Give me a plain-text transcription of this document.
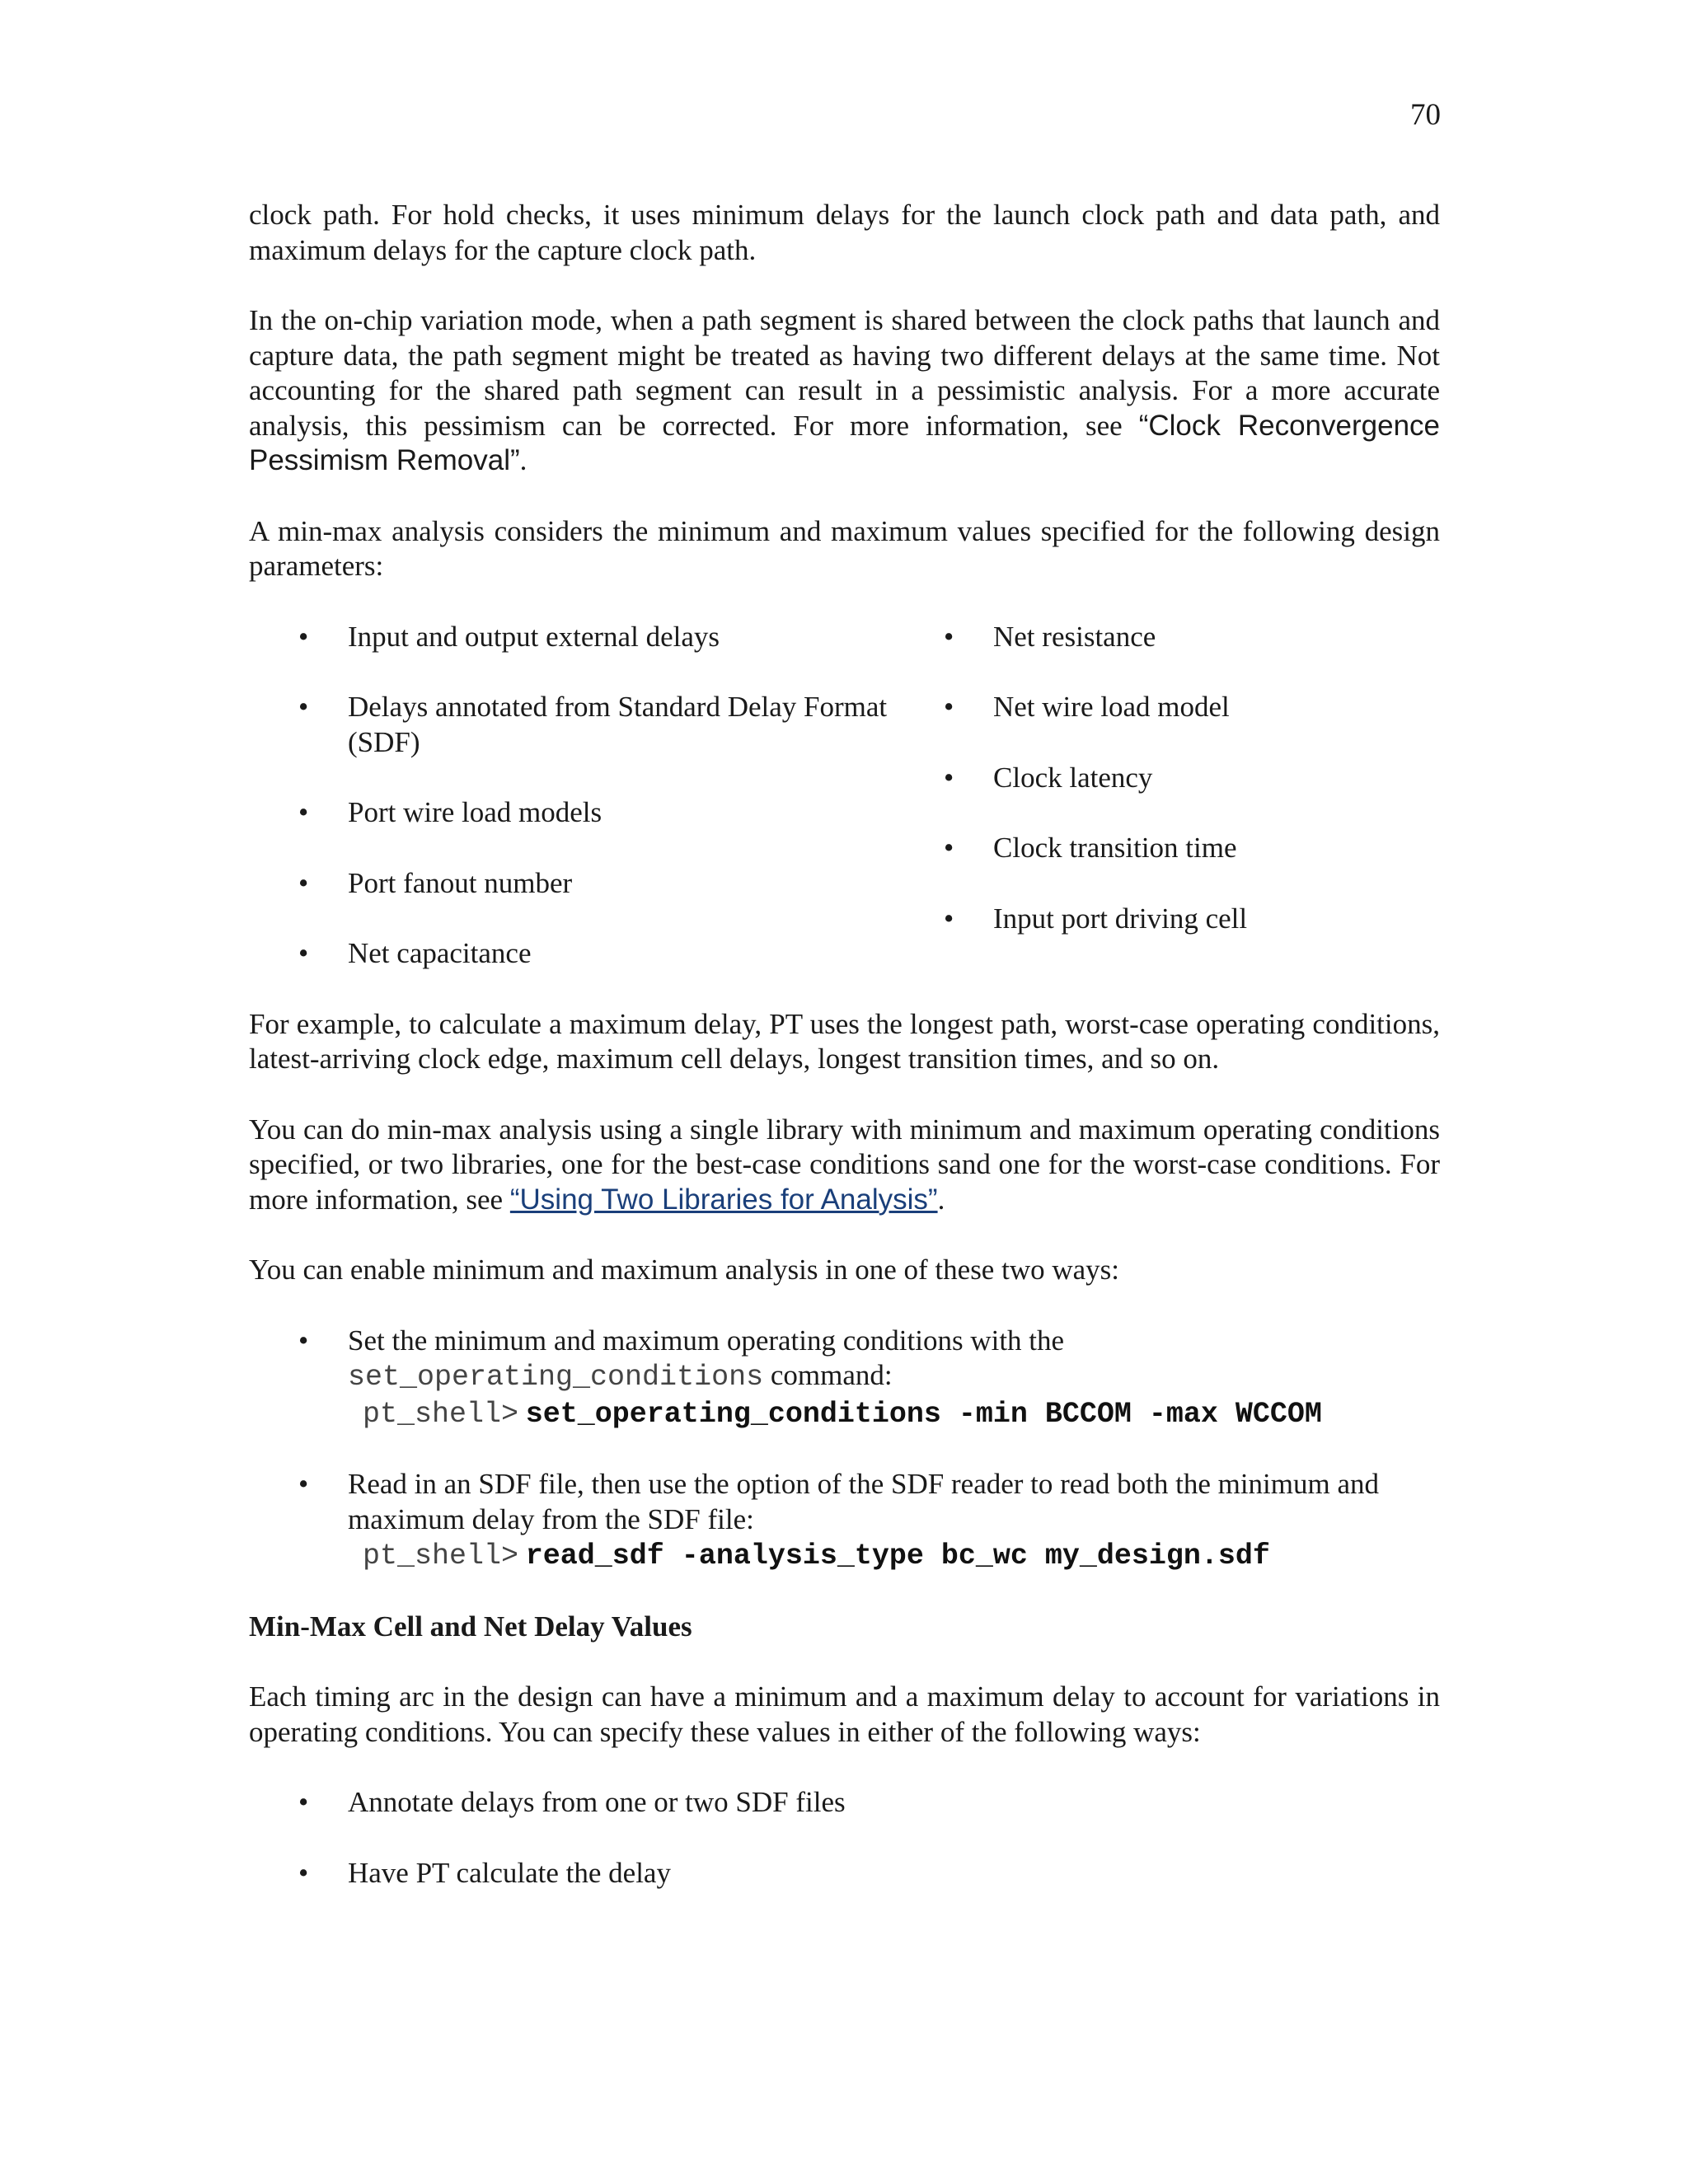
70

clock path. For hold checks, it uses minimum delays for the launch clock path and data path, and maximum delays for the capture clock path.

In the on-chip variation mode, when a path segment is shared between the clock paths that launch and capture data, the path segment might be treated as having two different delays at the same time. Not accounting for the shared path segment can result in a pessimistic analysis. For a more accurate analysis, this pessimism can be corrected. For more information, see “Clock Reconvergence Pessimism Removal”.

A min-max analysis considers the minimum and maximum values specified for the following design parameters:

• Input and output external delays
• Delays annotated from Standard Delay Format (SDF)
• Port wire load models
• Port fanout number
• Net capacitance
• Net resistance
• Net wire load model
• Clock latency
• Clock transition time
• Input port driving cell

For example, to calculate a maximum delay, PT uses the longest path, worst-case operating conditions, latest-arriving clock edge, maximum cell delays, longest transition times, and so on.

You can do min-max analysis using a single library with minimum and maximum operating conditions specified, or two libraries, one for the best-case conditions sand one for the worst-case conditions. For more information, see “Using Two Libraries for Analysis”.

You can enable minimum and maximum analysis in one of these two ways:

• Set the minimum and maximum operating conditions with the
set_operating_conditions command:
pt_shell> set_operating_conditions -min BCCOM -max WCCOM
• Read in an SDF file, then use the option of the SDF reader to read both the minimum and maximum delay from the SDF file:
pt_shell> read_sdf -analysis_type bc_wc my_design.sdf

Min-Max Cell and Net Delay Values

Each timing arc in the design can have a minimum and a maximum delay to account for variations in operating conditions. You can specify these values in either of the following ways:

• Annotate delays from one or two SDF files
• Have PT calculate the delay
